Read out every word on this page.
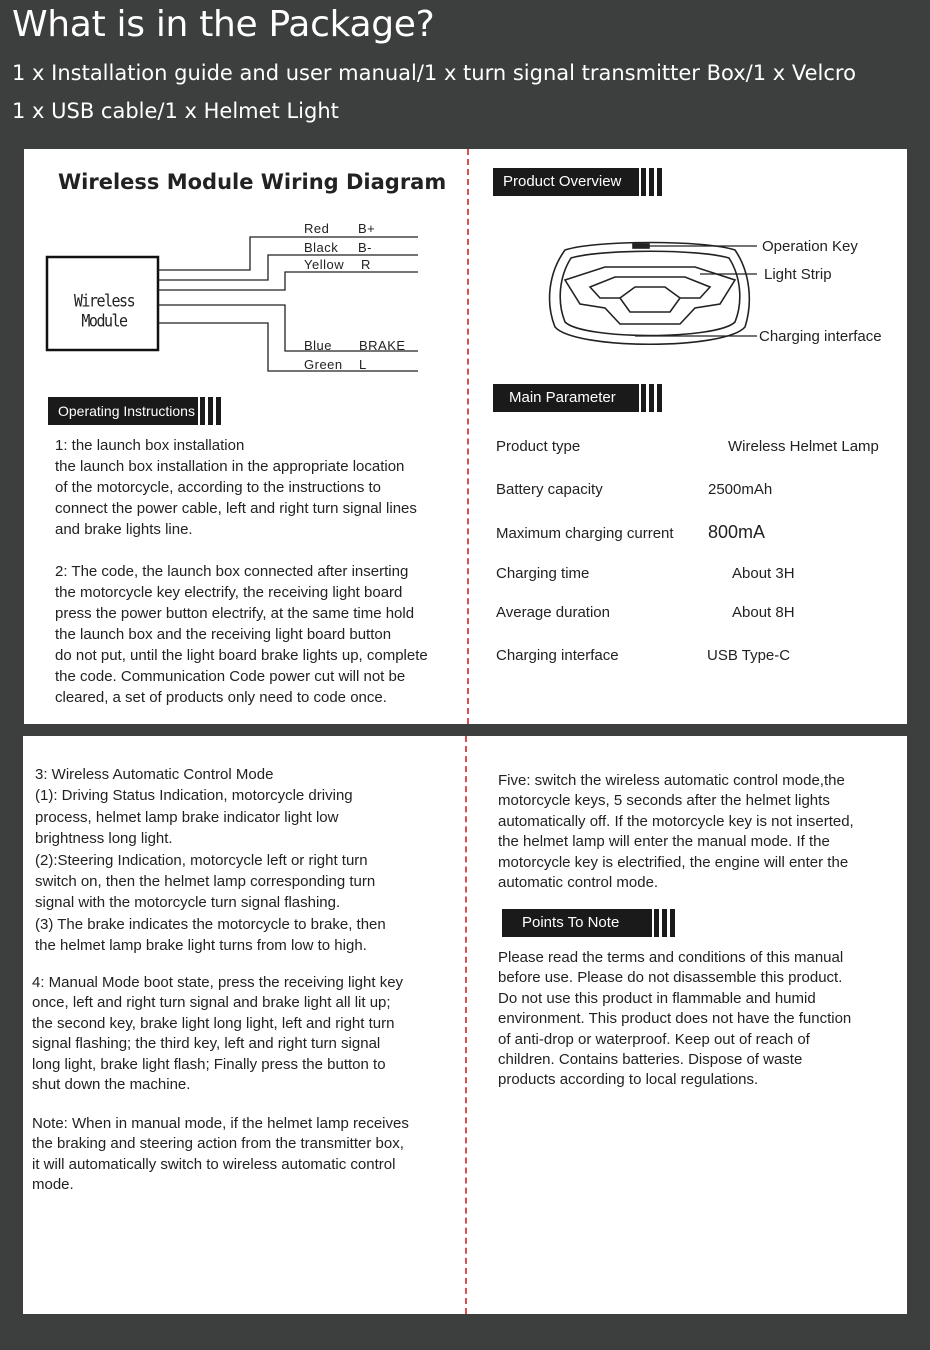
What is in the Package?
1 x Installation guide and user manual/1 x turn signal transmitter Box/1 x Velcro
1 x USB cable/1 x Helmet Light
Wireless Module Wiring Diagram
Wireless Module
Red B+
Black B-
Yellow R
Blue BRAKE
Green L
Operating Instructions
1: the launch box installation
the launch box installation in the appropriate location
of the motorcycle, according to the instructions to
connect the power cable, left and right turn signal lines
and brake lights line.
2: The code, the launch box connected after inserting
the motorcycle key electrify, the receiving light board
press the power button electrify, at the same time hold
the launch box and the receiving light board button
do not put, until the light board brake lights up, complete
the code. Communication Code power cut will not be
cleared, a set of products only need to code once.
Product Overview
Operation Key
Light Strip
Charging interface
Main Parameter
Product type	Wireless Helmet Lamp
Battery capacity	2500mAh
Maximum charging current 800mA
Charging time	About 3H
Average duration	About 8H
Charging interface	USB Type-C
3: Wireless Automatic Control Mode
(1): Driving Status Indication, motorcycle driving
process, helmet lamp brake indicator light low
brightness long light.
(2):Steering Indication, motorcycle left or right turn
switch on, then the helmet lamp corresponding turn
signal with the motorcycle turn signal flashing.
(3) The brake indicates the motorcycle to brake, then
the helmet lamp brake light turns from low to high.
4: Manual Mode boot state, press the receiving light key
once, left and right turn signal and brake light all lit up;
the second key, brake light long light, left and right turn
signal flashing; the third key, left and right turn signal
long light, brake light flash; Finally press the button to
shut down the machine.
Note: When in manual mode, if the helmet lamp receives
the braking and steering action from the transmitter box,
it will automatically switch to wireless automatic control
mode.
Five: switch the wireless automatic control mode,the
motorcycle keys, 5 seconds after the helmet lights
automatically off. If the motorcycle key is not inserted,
the helmet lamp will enter the manual mode. If the
motorcycle key is electrified, the engine will enter the
automatic control mode.
Points To Note
Please read the terms and conditions of this manual
before use. Please do not disassemble this product.
Do not use this product in flammable and humid
environment. This product does not have the function
of anti-drop or waterproof. Keep out of reach of
children. Contains batteries. Dispose of waste
products according to local regulations.
